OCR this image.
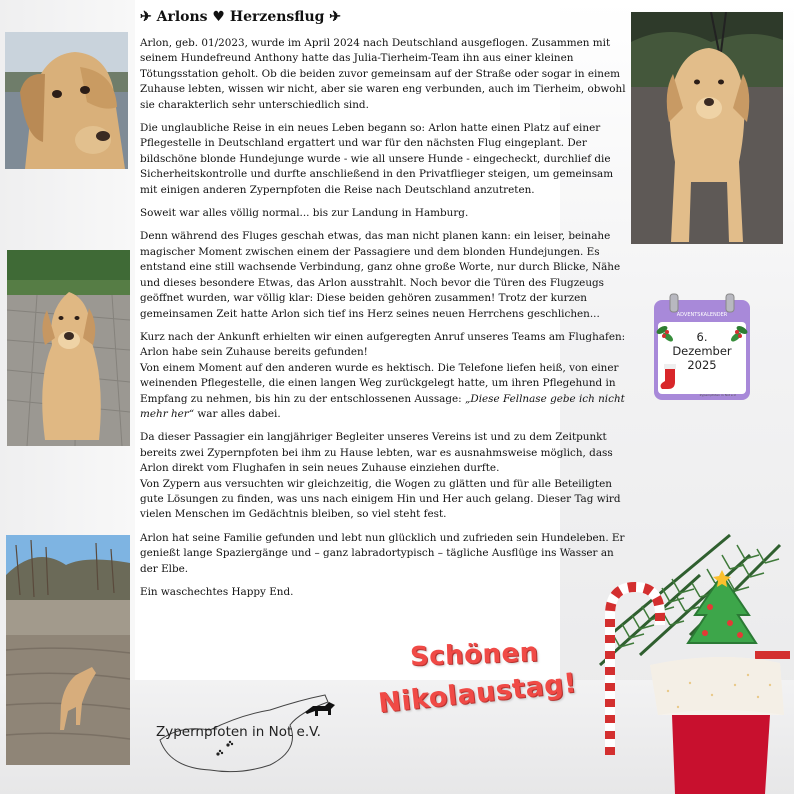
✈ Arlons ♥ Herzensflug ✈

Arlon, geb. 01/2023, wurde im April 2024 nach Deutschland ausgeflogen. Zusammen mit seinem Hundefreund Anthony hatte das Julia-Tierheim-Team ihn aus einer kleinen Tötungsstation geholt. Ob die beiden zuvor gemeinsam auf der Straße oder sogar in einem Zuhause lebten, wissen wir nicht, aber sie waren eng verbunden, auch im Tierheim, obwohl sie charakterlich sehr unterschiedlich sind.

Die unglaubliche Reise in ein neues Leben begann so: Arlon hatte einen Platz auf einer Pflegestelle in Deutschland ergattert und war für den nächsten Flug eingeplant. Der bildschöne blonde Hundejunge wurde - wie all unsere Hunde - eingecheckt, durchlief die Sicherheitskontrolle und durfte anschließend in den Privatflieger steigen, um gemeinsam mit einigen anderen Zypernpfoten die Reise nach Deutschland anzutreten.

Soweit war alles völlig normal... bis zur Landung in Hamburg.

Denn während des Fluges geschah etwas, das man nicht planen kann: ein leiser, beinahe magischer Moment zwischen einem der Passagiere und dem blonden Hundejungen. Es entstand eine still wachsende Verbindung, ganz ohne große Worte, nur durch Blicke, Nähe und dieses besondere Etwas, das Arlon ausstrahlt. Noch bevor die Türen des Flugzeugs geöffnet wurden, war völlig klar: Diese beiden gehören zusammen! Trotz der kurzen gemeinsamen Zeit hatte Arlon sich tief ins Herz seines neuen Herrchens geschlichen...

Kurz nach der Ankunft erhielten wir einen aufgeregten Anruf unseres Teams am Flughafen: Arlon habe sein Zuhause bereits gefunden!
Von einem Moment auf den anderen wurde es hektisch. Die Telefone liefen heiß, von einer weinenden Pflegestelle, die einen langen Weg zurückgelegt hatte, um ihren Pflegehund in Empfang zu nehmen, bis hin zu der entschlossenen Aussage: „Diese Fellnase gebe ich nicht mehr her“ war alles dabei.

Da dieser Passagier ein langjähriger Begleiter unseres Vereins ist und zu dem Zeitpunkt bereits zwei Zypernpfoten bei ihm zu Hause lebten, war es ausnahmsweise möglich, dass Arlon direkt vom Flughafen in sein neues Zuhause einziehen durfte.
Von Zypern aus versuchten wir gleichzeitig, die Wogen zu glätten und für alle Beteiligten gute Lösungen zu finden, was uns nach einigem Hin und Her auch gelang. Dieser Tag wird vielen Menschen im Gedächtnis bleiben, so viel steht fest.

Arlon hat seine Familie gefunden und lebt nun glücklich und zufrieden sein Hundeleben. Er genießt lange Spaziergänge und – ganz labradortypisch – tägliche Ausflüge ins Wasser an der Elbe.

Ein waschechtes Happy End.

ADVENTSKALENDER
Zypernpfoten in Not e.V.
6.
Dezember
2025
Schönen
Nikolaustag!
Zypernpfoten in Not e.V.
